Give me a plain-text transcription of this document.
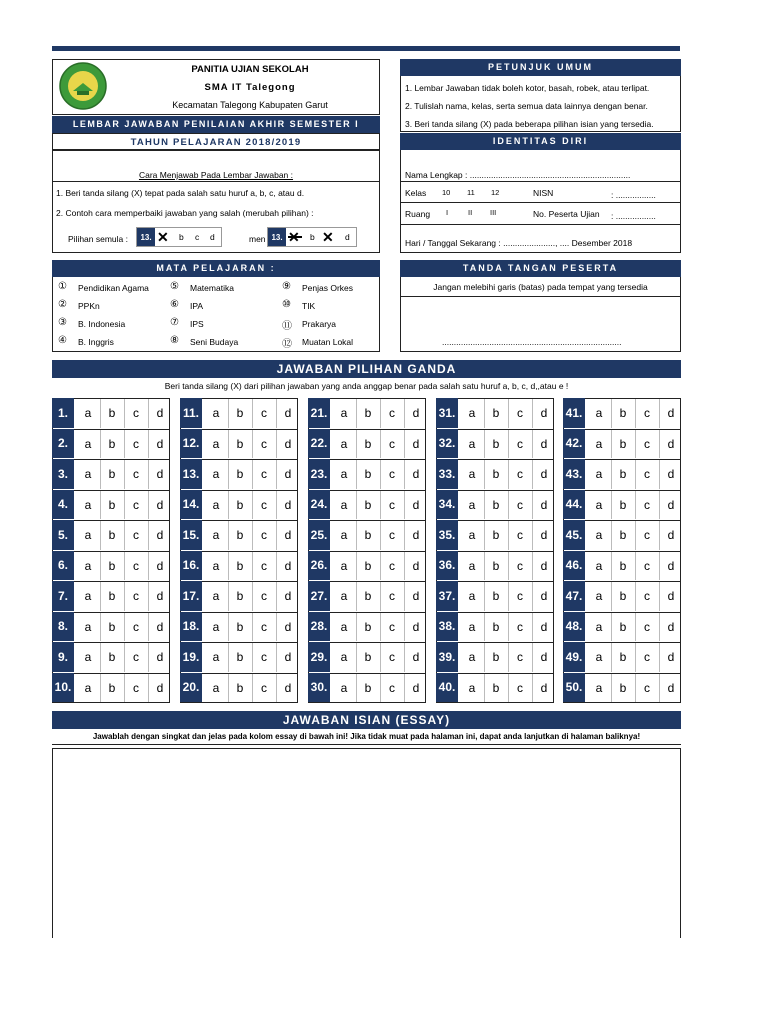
PANITIA UJIAN SEKOLAH
SMA IT Talegong
Kecamatan Talegong Kabupaten Garut
LEMBAR JAWABAN PENILAIAN AKHIR SEMESTER I
TAHUN PELAJARAN 2018/2019
Cara Menjawab Pada Lembar Jawaban :
1. Beri tanda silang (X) tepat pada salah satu huruf a, b, c, atau d.
2. Contoh cara memperbaiki jawaban yang salah (merubah pilihan) :
Pilihan semula : 13. ✕ b c d	men 13.	b ✕ d
PETUNJUK UMUM
1. Lembar Jawaban tidak boleh kotor, basah, robek, atau terlipat.
2. Tulislah nama, kelas, serta semua data lainnya dengan benar.
3. Beri tanda silang (X) pada beberapa pilihan isian yang tersedia.
IDENTITAS DIRI
Nama Lengkap : ....................................................................
Kelas 10 11 12	NISN	: .................
Ruang I	II III	No. Peserta Ujian : .................
Hari / Tanggal Sekarang : ......................, .... Desember 2018
MATA PELAJARAN :
① Pendidikan Agama	⑤ Matematika	⑨ Penjas Orkes
② PPKn	⑥ IPA	⑩ TIK
③ B. Indonesia	⑦ IPS	⑪ Prakarya
④ B. Inggris	⑧ Seni Budaya	⑫ Muatan Lokal
TANDA TANGAN PESERTA
Jangan melebihi garis (batas) pada tempat yang tersedia
............................................................................
JAWABAN PILIHAN GANDA
Beri tanda silang (X) dari pilihan jawaban yang anda anggap benar pada salah satu huruf a, b, c, d,,atau e !
1.	a	b	c	d
2.	a	b	c	d
3.	a	b	c	d
4.	a	b	c	d
5.	a	b	c	d
6.	a	b	c	d
7.	a	b	c	d
8.	a	b	c	d
9.	a	b	c	d
10.	a	b	c	d
11.	a	b	c	d
12.	a	b	c	d
13.	a	b	c	d
14.	a	b	c	d
15.	a	b	c	d
16.	a	b	c	d
17.	a	b	c	d
18.	a	b	c	d
19.	a	b	c	d
20.	a	b	c	d
21.	a	b	c	d
22.	a	b	c	d
23.	a	b	c	d
24.	a	b	c	d
25.	a	b	c	d
26.	a	b	c	d
27.	a	b	c	d
28.	a	b	c	d
29.	a	b	c	d
30.	a	b	c	d
31.	a	b	c	d
32.	a	b	c	d
33.	a	b	c	d
34.	a	b	c	d
35.	a	b	c	d
36.	a	b	c	d
37.	a	b	c	d
38.	a	b	c	d
39.	a	b	c	d
40.	a	b	c	d
41.	a	b	c	d
42.	a	b	c	d
43.	a	b	c	d
44.	a	b	c	d
45.	a	b	c	d
46.	a	b	c	d
47.	a	b	c	d
48.	a	b	c	d
49.	a	b	c	d
50.	a	b	c	d
JAWABAN ISIAN (ESSAY)
Jawablah dengan singkat dan jelas pada kolom essay di bawah ini! Jika tidak muat pada halaman ini, dapat anda lanjutkan di halaman baliknya!
